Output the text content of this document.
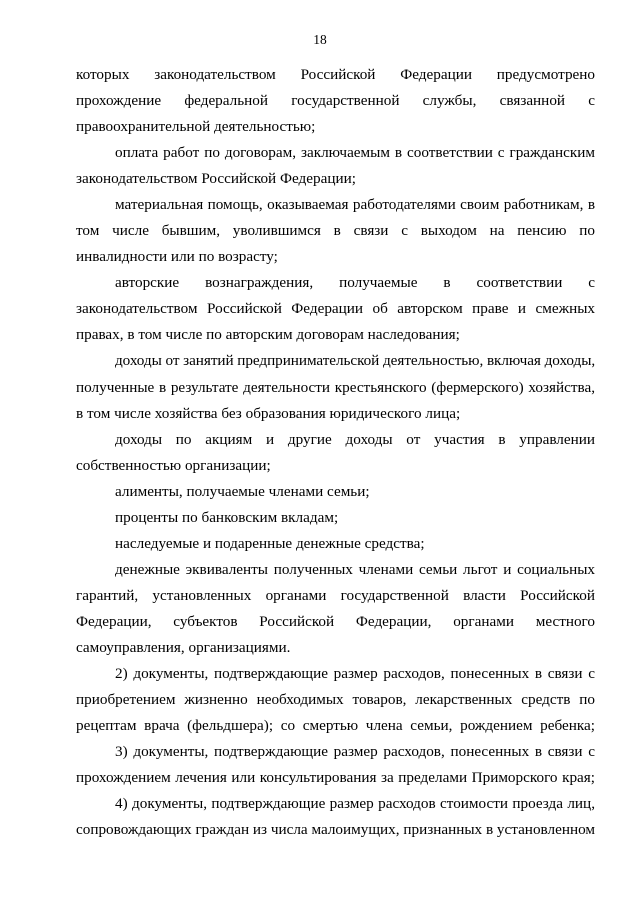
18
которых законодательством Российской Федерации предусмотрено
прохождение федеральной государственной службы, связанной с
правоохранительной деятельностью;
оплата работ по договорам, заключаемым в соответствии с гражданским
законодательством Российской Федерации;
материальная помощь, оказываемая работодателями своим работникам, в
том числе бывшим, уволившимся в связи с выходом на пенсию по
инвалидности или по возрасту;
авторские вознаграждения, получаемые в соответствии с
законодательством Российской Федерации об авторском праве и смежных
правах, в том числе по авторским договорам наследования;
доходы от занятий предпринимательской деятельностью, включая доходы,
полученные в результате деятельности крестьянского (фермерского) хозяйства,
в том числе хозяйства без образования юридического лица;
доходы по акциям и другие доходы от участия в управлении
собственностью организации;
алименты, получаемые членами семьи;
проценты по банковским вкладам;
наследуемые и подаренные денежные средства;
денежные эквиваленты полученных членами семьи льгот и социальных
гарантий, установленных органами государственной власти Российской
Федерации, субъектов Российской Федерации, органами местного
самоуправления, организациями.
2) документы, подтверждающие размер расходов, понесенных в связи с
приобретением жизненно необходимых товаров, лекарственных средств по
рецептам врача (фельдшера); со смертью члена семьи, рождением ребенка;
3) документы, подтверждающие размер расходов, понесенных в связи с
прохождением лечения или консультирования за пределами Приморского края;
4) документы, подтверждающие размер расходов стоимости проезда лиц,
сопровождающих граждан из числа малоимущих, признанных в установленном
